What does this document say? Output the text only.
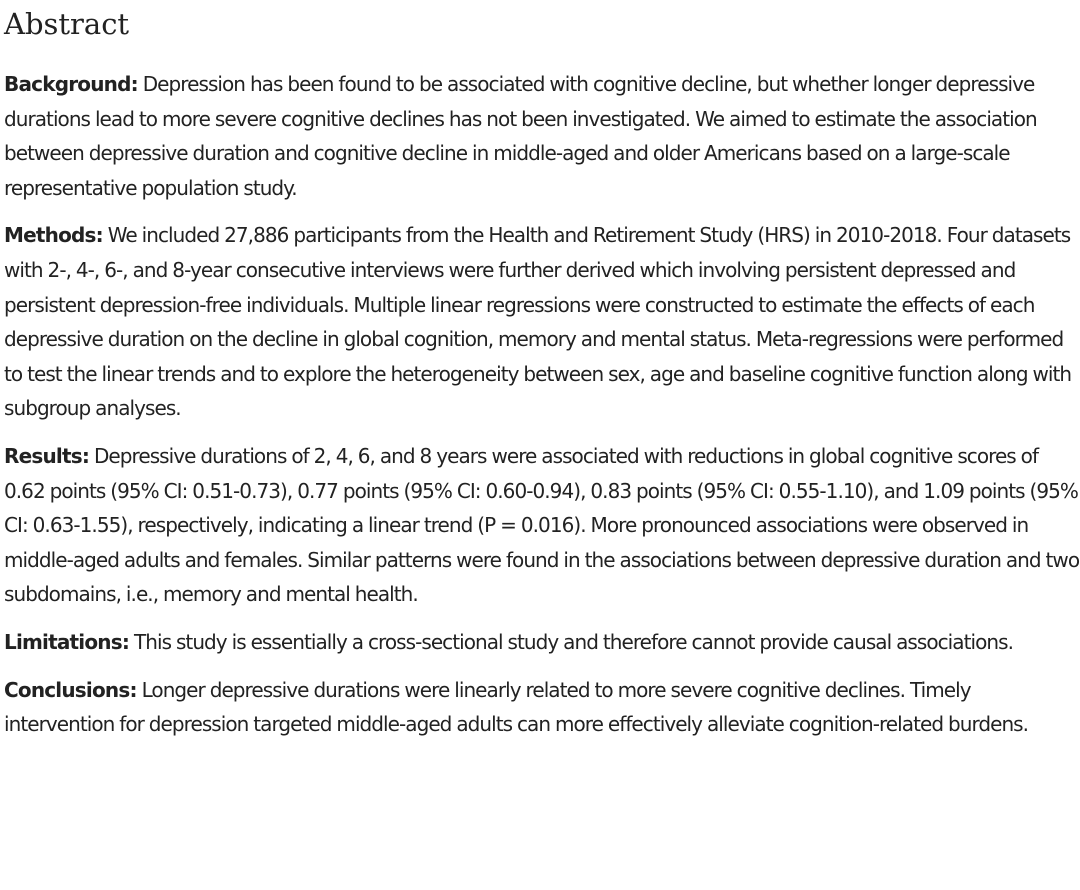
Abstract

Background: Depression has been found to be associated with cognitive decline, but whether longer depressive durations lead to more severe cognitive declines has not been investigated. We aimed to estimate the association between depressive duration and cognitive decline in middle-aged and older Americans based on a large-scale representative population study.

Methods: We included 27,886 participants from the Health and Retirement Study (HRS) in 2010-2018. Four datasets with 2-, 4-, 6-, and 8-year consecutive interviews were further derived which involving persistent depressed and persistent depression-free individuals. Multiple linear regressions were constructed to estimate the effects of each depressive duration on the decline in global cognition, memory and mental status. Meta-regressions were performed to test the linear trends and to explore the heterogeneity between sex, age and baseline cognitive function along with subgroup analyses.

Results: Depressive durations of 2, 4, 6, and 8 years were associated with reductions in global cognitive scores of 0.62 points (95% CI: 0.51-0.73), 0.77 points (95% CI: 0.60-0.94), 0.83 points (95% CI: 0.55-1.10), and 1.09 points (95% CI: 0.63-1.55), respectively, indicating a linear trend (P = 0.016). More pronounced associations were observed in middle-aged adults and females. Similar patterns were found in the associations between depressive duration and two subdomains, i.e., memory and mental health.

Limitations: This study is essentially a cross-sectional study and therefore cannot provide causal associations.

Conclusions: Longer depressive durations were linearly related to more severe cognitive declines. Timely intervention for depression targeted middle-aged adults can more effectively alleviate cognition-related burdens.
